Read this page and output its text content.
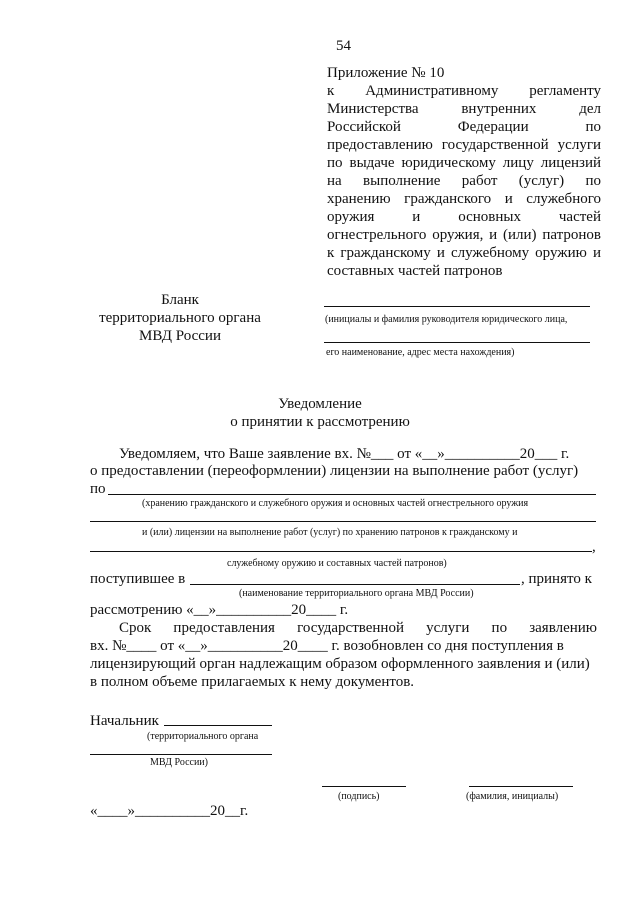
54
Приложение № 10
к Административному регламенту
Министерства внутренних дел
Российской Федерации по
предоставлению государственной услуги
по выдаче юридическому лицу лицензий
на выполнение работ (услуг) по
хранению гражданского и служебного
оружия и основных частей
огнестрельного оружия, и (или) патронов
к гражданскому и служебному оружию и
составных частей патронов
Бланк
территориального органа
МВД России
(инициалы и фамилия руководителя юридического лица,
его наименование, адрес места нахождения)
Уведомление
о принятии к рассмотрению
Уведомляем, что Ваше заявление вх. №___ от «__»__________20___ г.
о предоставлении (переоформлении) лицензии на выполнение работ (услуг)
по
(хранению гражданского и служебного оружия и основных частей огнестрельного оружия
и (или) лицензии на выполнение работ (услуг) по хранению патронов к гражданскому и
,
служебному оружию и составных частей патронов)
поступившее в	, принято к
(наименование территориального органа МВД России)
рассмотрению «__»__________20____ г.
Срок предоставления государственной услуги по заявлению
вх. №____ от «__»__________20____ г. возобновлен со дня поступления в
лицензирующий орган надлежащим образом оформленного заявления и (или)
в полном объеме прилагаемых к нему документов.
Начальник
(территориального органа
МВД России)
(подпись)	(фамилия, инициалы)
«____»__________20__г.
